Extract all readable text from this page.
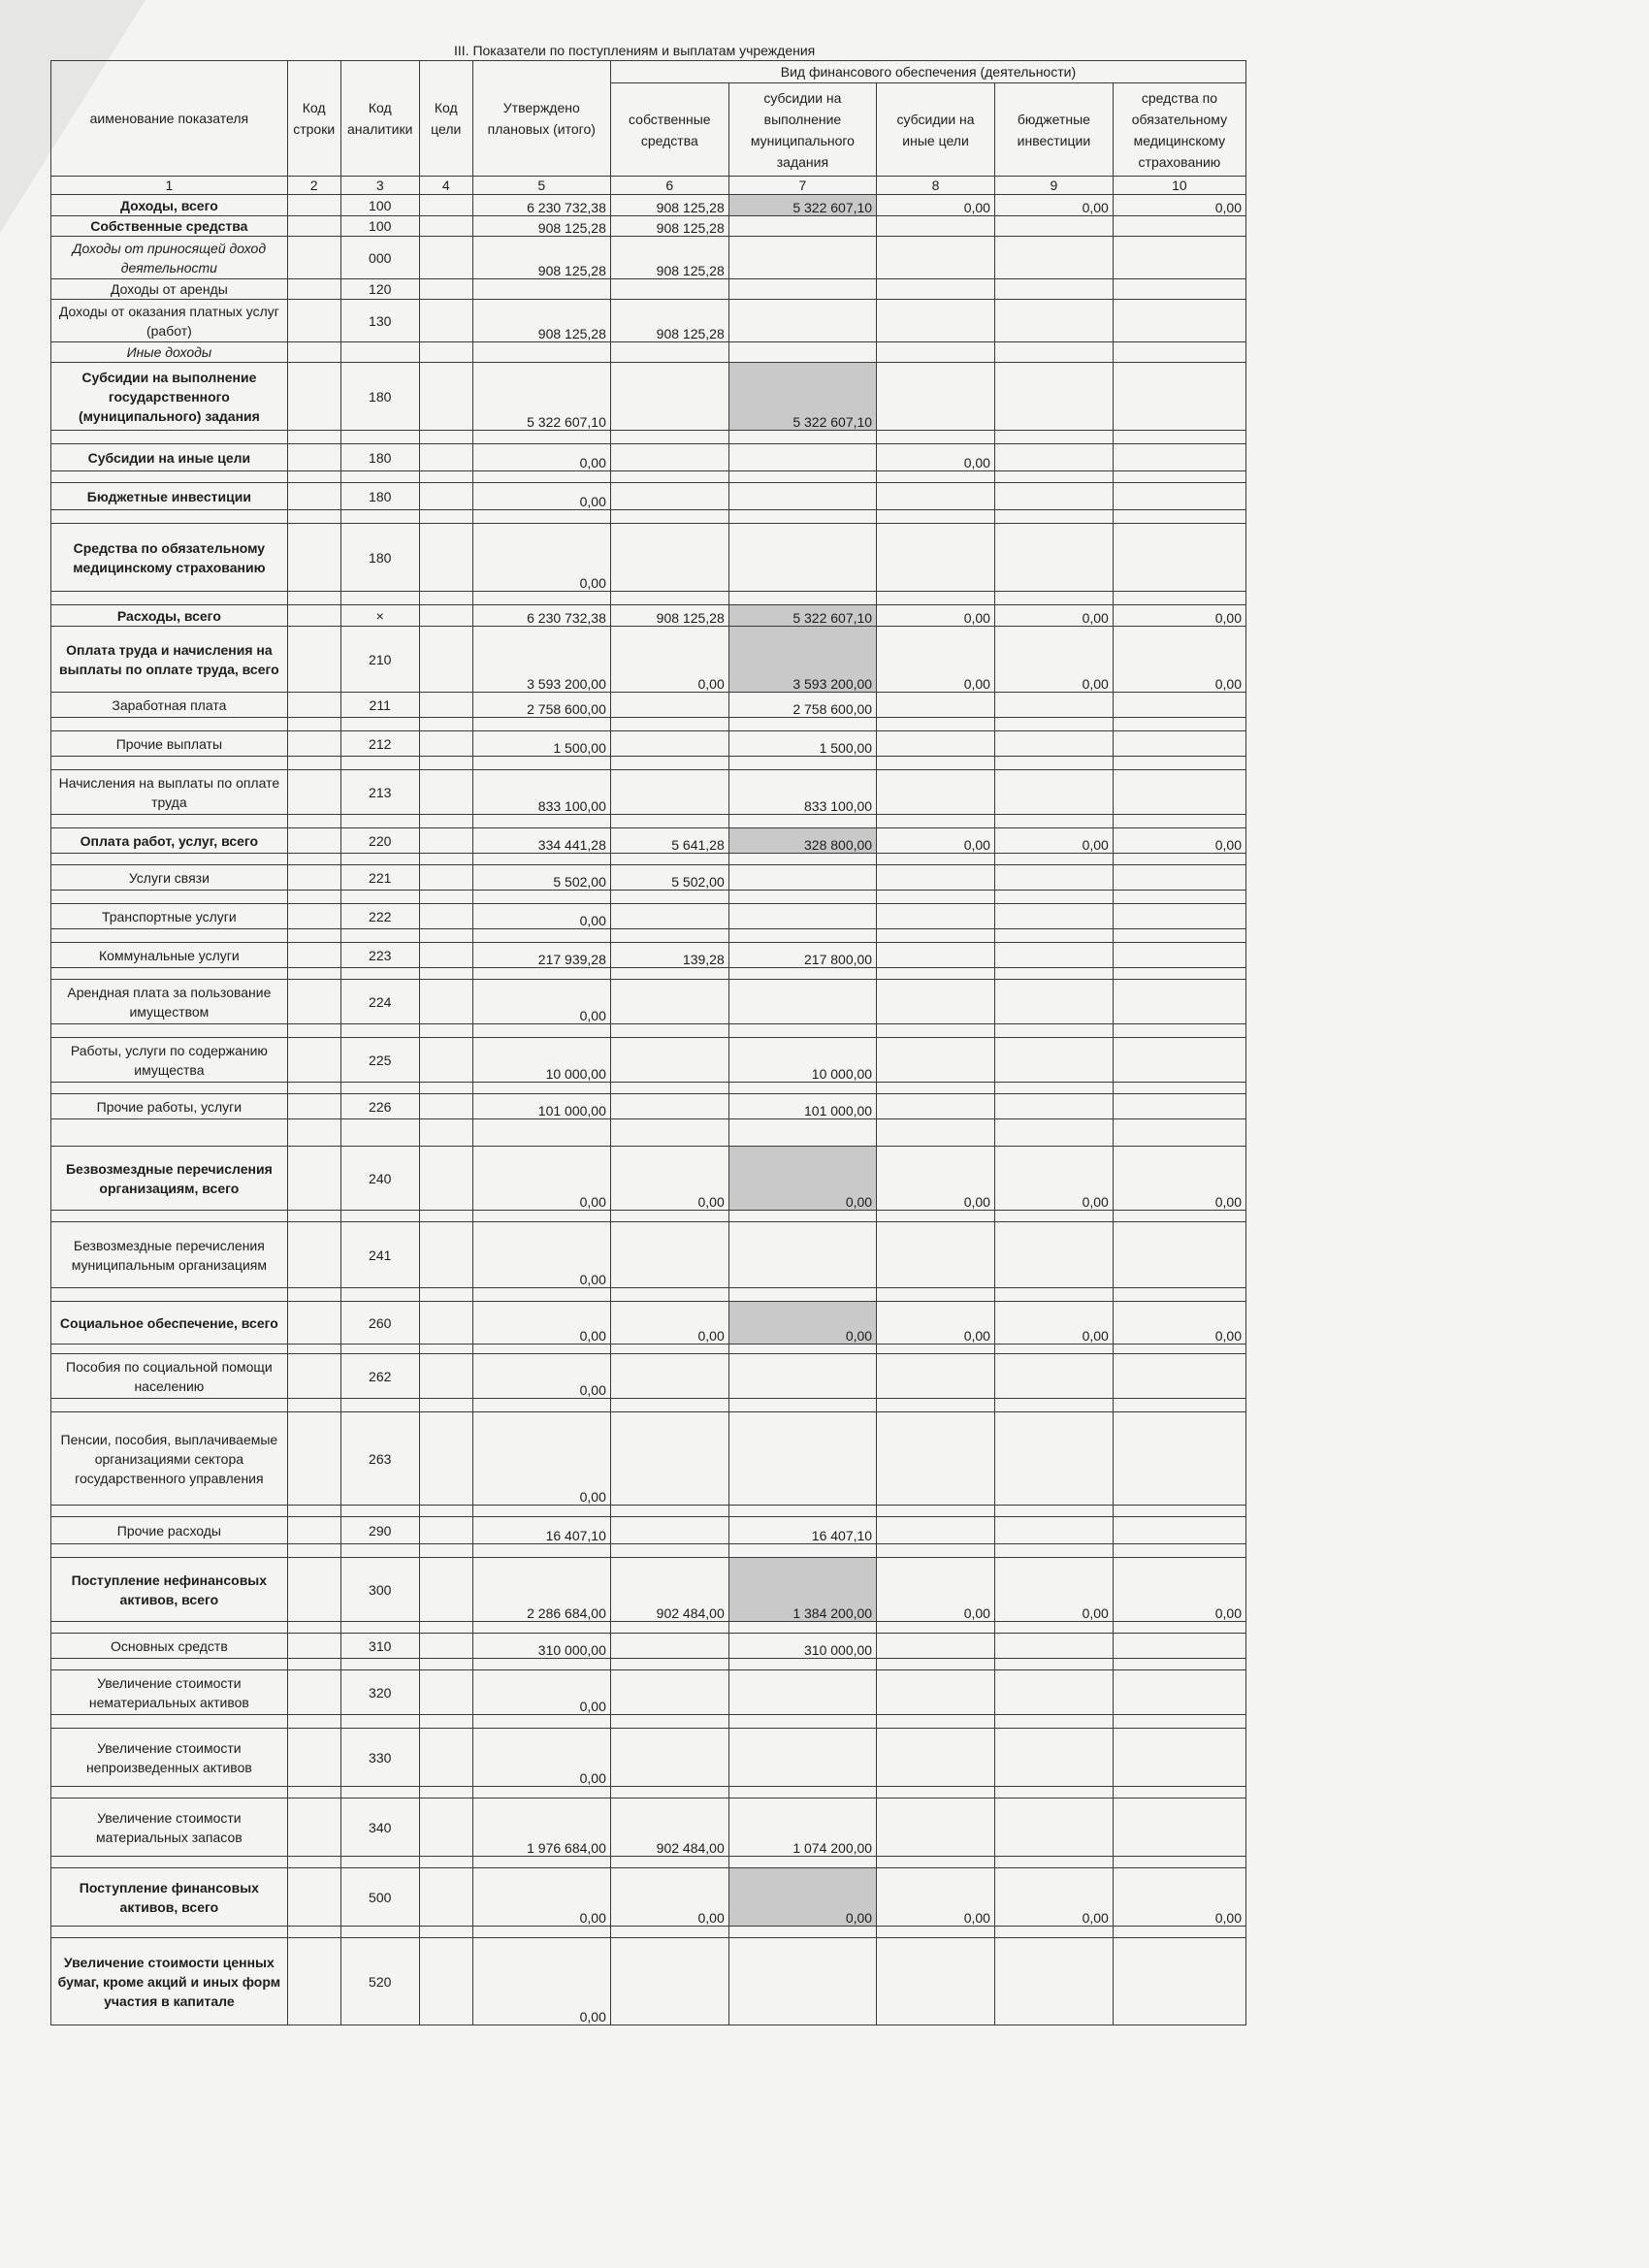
III. Показатели по поступлениям и выплатам учреждения
аименование показателя	Код строки	Код аналитики	Код цели	Утверждено плановых (итого)	Вид финансового обеспечения (деятельности)				
					собственные средства	субсидии на выполнение муниципального задания	субсидии на иные цели	бюджетные инвестиции	средства по обязательному медицинскому страхованию
1	2	3	4	5	6	7	8	9	10
Доходы, всего		100		6 230 732,38	908 125,28	5 322 607,10	0,00	0,00	0,00
Собственные средства		100		908 125,28	908 125,28				
Доходы от приносящей доход деятельности		000		908 125,28	908 125,28				
Доходы от аренды		120							
Доходы от оказания платных услуг (работ)		130		908 125,28	908 125,28				
Иные доходы									
Субсидии на выполнение государственного (муниципального) задания		180		5 322 607,10		5 322 607,10			

Субсидии на иные цели		180		0,00			0,00		

Бюджетные инвестиции		180		0,00					

Средства по обязательному медицинскому страхованию		180		0,00					

Расходы, всего		×		6 230 732,38	908 125,28	5 322 607,10	0,00	0,00	0,00
Оплата труда и начисления на выплаты по оплате труда, всего		210		3 593 200,00	0,00	3 593 200,00	0,00	0,00	0,00
Заработная плата		211		2 758 600,00		2 758 600,00			

Прочие выплаты		212		1 500,00		1 500,00			

Начисления на выплаты по оплате труда		213		833 100,00		833 100,00			

Оплата работ, услуг, всего		220		334 441,28	5 641,28	328 800,00	0,00	0,00	0,00

Услуги связи		221		5 502,00	5 502,00				

Транспортные услуги		222		0,00					

Коммунальные услуги		223		217 939,28	139,28	217 800,00			

Арендная плата за пользование имуществом		224		0,00					

Работы, услуги по содержанию имущества		225		10 000,00		10 000,00			

Прочие работы, услуги		226		101 000,00		101 000,00			

Безвозмездные перечисления организациям, всего		240		0,00	0,00	0,00	0,00	0,00	0,00

Безвозмездные перечисления муниципальным организациям		241		0,00					

Социальное обеспечение, всего		260		0,00	0,00	0,00	0,00	0,00	0,00

Пособия по социальной помощи населению		262		0,00					

Пенсии, пособия, выплачиваемые организациями сектора государственного управления		263		0,00					

Прочие расходы		290		16 407,10		16 407,10			

Поступление нефинансовых активов, всего		300		2 286 684,00	902 484,00	1 384 200,00	0,00	0,00	0,00

Основных средств		310		310 000,00		310 000,00			

Увеличение стоимости нематериальных активов		320		0,00					

Увеличение стоимости непроизведенных активов		330		0,00					

Увеличение стоимости материальных запасов		340		1 976 684,00	902 484,00	1 074 200,00			

Поступление финансовых активов, всего		500		0,00	0,00	0,00	0,00	0,00	0,00

Увеличение стоимости ценных бумаг, кроме акций и иных форм участия в капитале		520		0,00					
